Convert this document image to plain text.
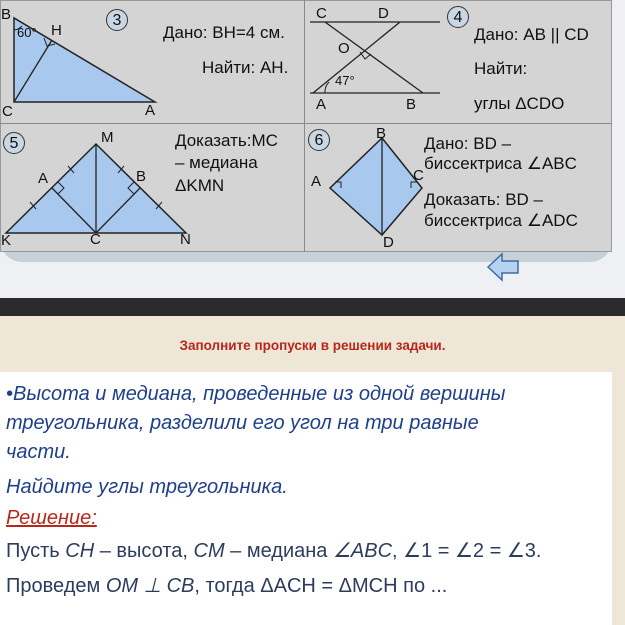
B
60° H
C	A
3
Дано: BH=4 см.
Найти: AH.
C	D
O
47°
A	B
4
Дано: AB || CD
Найти:
углы ΔCDO
M
A	B
K	C	N
5	Доказать:MC
– медиана
ΔKMN
B
A	C
D
6	Дано: BD –
биссектриса ∠ABC
Доказать: BD –
биссектриса ∠ADC
Заполните пропуски в решении задачи.

•Высота и медиана, проведенные из одной вершины

треугольника, разделили его угол на три равные

части.

Найдите углы треугольника.

Решение:

Пусть CH – высота, CM – медиана ∠ABC, ∠1 = ∠2 = ∠3.

Проведем OM ⊥ CB, тогда ΔACH = ΔMCH по ...
